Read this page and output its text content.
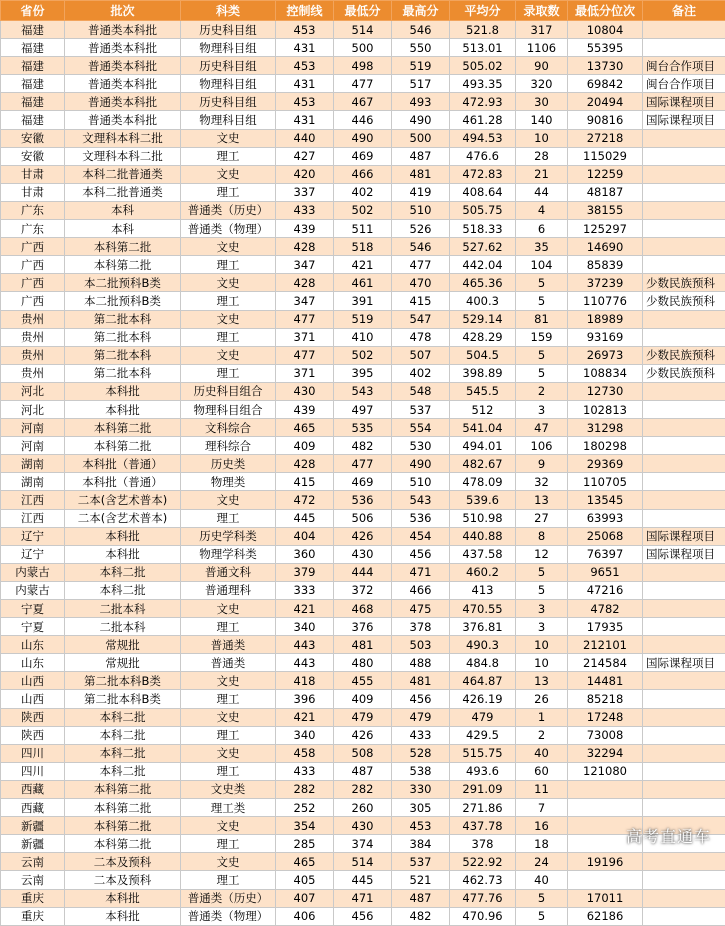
省份	批次	科类	控制线	最低分	最高分	平均分	录取数	最低分位次	备注
福建	普通类本科批	历史科目组	453	514	546	521.8	317	10804	
福建	普通类本科批	物理科目组	431	500	550	513.01	1106	55395	
福建	普通类本科批	历史科目组	453	498	519	505.02	90	13730	闽台合作项目
福建	普通类本科批	物理科目组	431	477	517	493.35	320	69842	闽台合作项目
福建	普通类本科批	历史科目组	453	467	493	472.93	30	20494	国际课程项目
福建	普通类本科批	物理科目组	431	446	490	461.28	140	90816	国际课程项目
安徽	文理科本科二批	文史	440	490	500	494.53	10	27218	
安徽	文理科本科二批	理工	427	469	487	476.6	28	115029	
甘肃	本科二批普通类	文史	420	466	481	472.83	21	12259	
甘肃	本科二批普通类	理工	337	402	419	408.64	44	48187	
广东	本科	普通类（历史）	433	502	510	505.75	4	38155	
广东	本科	普通类（物理）	439	511	526	518.33	6	125297	
广西	本科第二批	文史	428	518	546	527.62	35	14690	
广西	本科第二批	理工	347	421	477	442.04	104	85839	
广西	本二批预科B类	文史	428	461	470	465.36	5	37239	少数民族预科
广西	本二批预科B类	理工	347	391	415	400.3	5	110776	少数民族预科
贵州	第二批本科	文史	477	519	547	529.14	81	18989	
贵州	第二批本科	理工	371	410	478	428.29	159	93169	
贵州	第二批本科	文史	477	502	507	504.5	5	26973	少数民族预科
贵州	第二批本科	理工	371	395	402	398.89	5	108834	少数民族预科
河北	本科批	历史科目组合	430	543	548	545.5	2	12730	
河北	本科批	物理科目组合	439	497	537	512	3	102813	
河南	本科第二批	文科综合	465	535	554	541.04	47	31298	
河南	本科第二批	理科综合	409	482	530	494.01	106	180298	
湖南	本科批（普通）	历史类	428	477	490	482.67	9	29369	
湖南	本科批（普通）	物理类	415	469	510	478.09	32	110705	
江西	二本(含艺术普本)	文史	472	536	543	539.6	13	13545	
江西	二本(含艺术普本)	理工	445	506	536	510.98	27	63993	
辽宁	本科批	历史学科类	404	426	454	440.88	8	25068	国际课程项目
辽宁	本科批	物理学科类	360	430	456	437.58	12	76397	国际课程项目
内蒙古	本科二批	普通文科	379	444	471	460.2	5	9651	
内蒙古	本科二批	普通理科	333	372	466	413	5	47216	
宁夏	二批本科	文史	421	468	475	470.55	3	4782	
宁夏	二批本科	理工	340	376	378	376.81	3	17935	
山东	常规批	普通类	443	481	503	490.3	10	212101	
山东	常规批	普通类	443	480	488	484.8	10	214584	国际课程项目
山西	第二批本科B类	文史	418	455	481	464.87	13	14481	
山西	第二批本科B类	理工	396	409	456	426.19	26	85218	
陕西	本科二批	文史	421	479	479	479	1	17248	
陕西	本科二批	理工	340	426	433	429.5	2	73008	
四川	本科二批	文史	458	508	528	515.75	40	32294	
四川	本科二批	理工	433	487	538	493.6	60	121080	
西藏	本科第二批	文史类	282	282	330	291.09	11		
西藏	本科第二批	理工类	252	260	305	271.86	7		
新疆	本科第二批	文史	354	430	453	437.78	16		
新疆	本科第二批	理工	285	374	384	378	18		
云南	二本及预科	文史	465	514	537	522.92	24	19196	
云南	二本及预科	理工	405	445	521	462.73	40		
重庆	本科批	普通类（历史）	407	471	487	477.76	5	17011	
重庆	本科批	普通类（物理）	406	456	482	470.96	5	62186	
高考直通车
